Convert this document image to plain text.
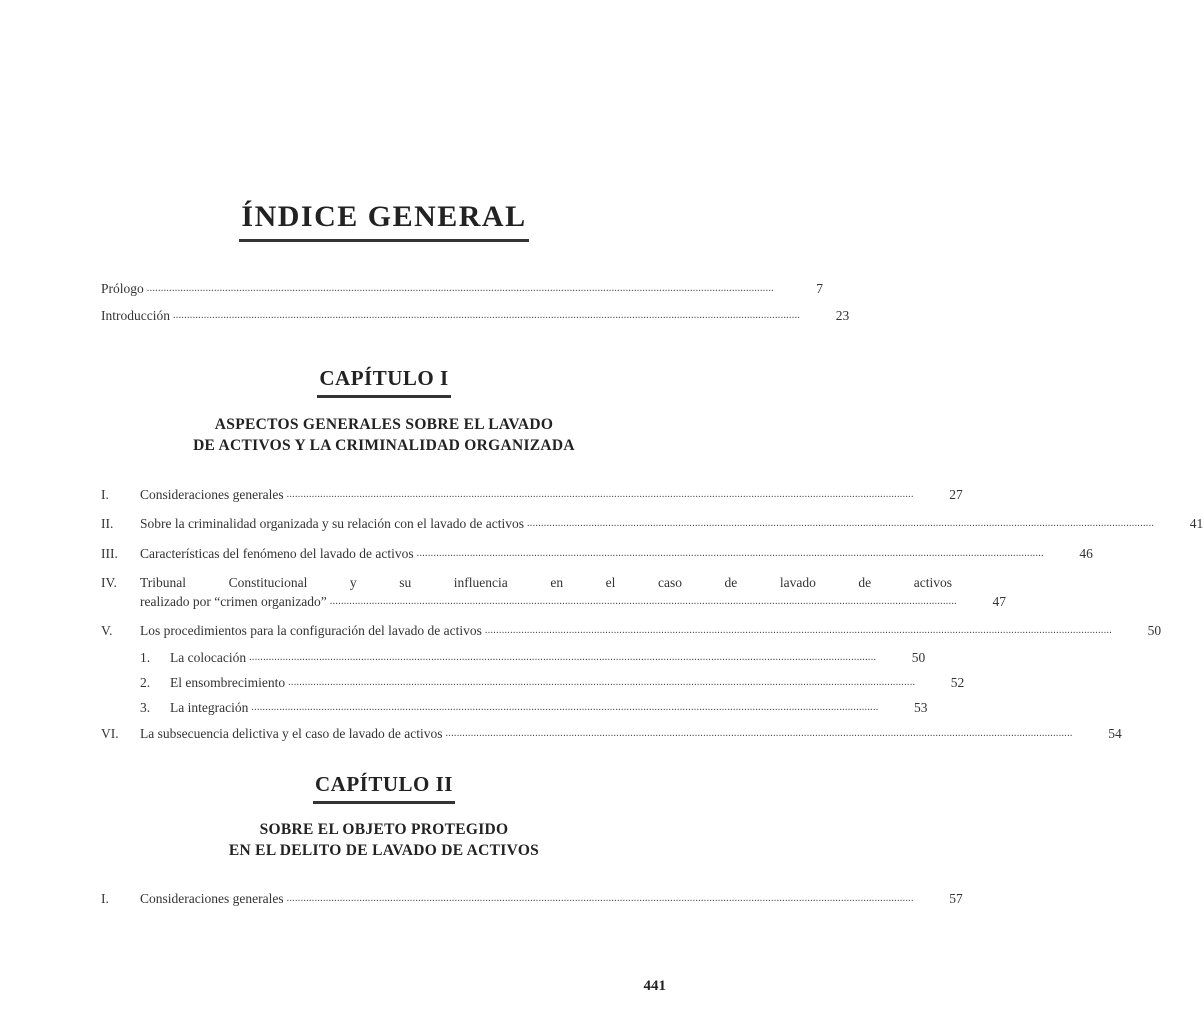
ÍNDICE GENERAL
Prólogo .....	7
Introducción .....	23
CAPÍTULO I
ASPECTOS GENERALES SOBRE EL LAVADO
DE ACTIVOS Y LA CRIMINALIDAD ORGANIZADA
I.	Consideraciones generales .....	27
II.	Sobre la criminalidad organizada y su relación con el lavado de activos .....	41
III.	Características del fenómeno del lavado de activos .....	46
IV.	Tribunal Constitucional y su influencia en el caso de lavado de activos
realizado por “crimen organizado” .....	47
V.	Los procedimientos para la configuración del lavado de activos .....	50
1.	La colocación .....	50
2.	El ensombrecimiento .....	52
3.	La integración .....	53
VI.	La subsecuencia delictiva y el caso de lavado de activos .....	54
CAPÍTULO II
SOBRE EL OBJETO PROTEGIDO
EN EL DELITO DE LAVADO DE ACTIVOS
I.	Consideraciones generales .....	57
441
